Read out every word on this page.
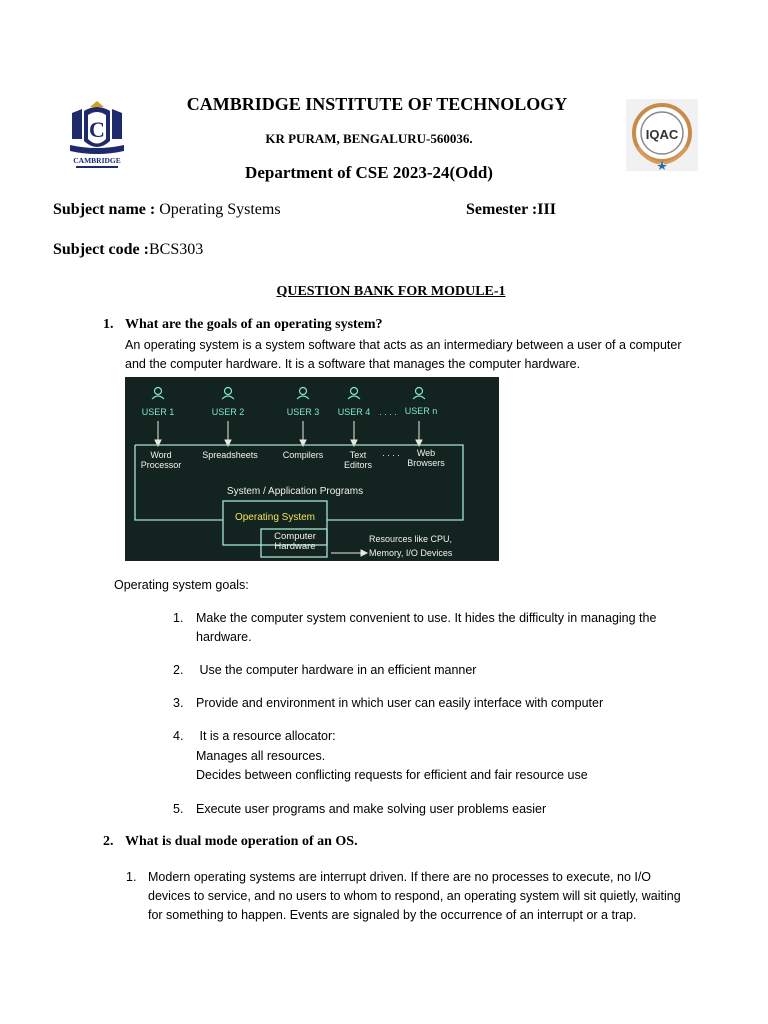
C
CAMBRIDGE
IQAC
CAMBRIDGE INSTITUTE OF TECHNOLOGY
KR PURAM, BENGALURU-560036.
Department of CSE 2023-24(Odd)
Subject name : Operating Systems	Semester :III
Subject code :BCS303
QUESTION BANK FOR MODULE-1
1. What are the goals of an operating system?
An operating system is a system software that acts as an intermediary between a user of a computer
and the computer hardware. It is a software that manages the computer hardware.
USER 1	USER 2	USER 3	USER 4 . . . . USER n
Word
Processor
Spreadsheets	Compilers	Text
Editors
. . . .	Web
Browsers
System / Application Programs
Operating System
Computer
Hardware
Resources like CPU,
Memory, I/O Devices
Operating system goals:
1. Make the computer system convenient to use. It hides the difficulty in managing the
hardware.
2. Use the computer hardware in an efficient manner
3. Provide and environment in which user can easily interface with computer
4. It is a resource allocator:
Manages all resources.
Decides between conflicting requests for efficient and fair resource use
5. Execute user programs and make solving user problems easier
2. What is dual mode operation of an OS.
1. Modern operating systems are interrupt driven. If there are no processes to execute, no I/O
devices to service, and no users to whom to respond, an operating system will sit quietly, waiting
for something to happen. Events are signaled by the occurrence of an interrupt or a trap.
